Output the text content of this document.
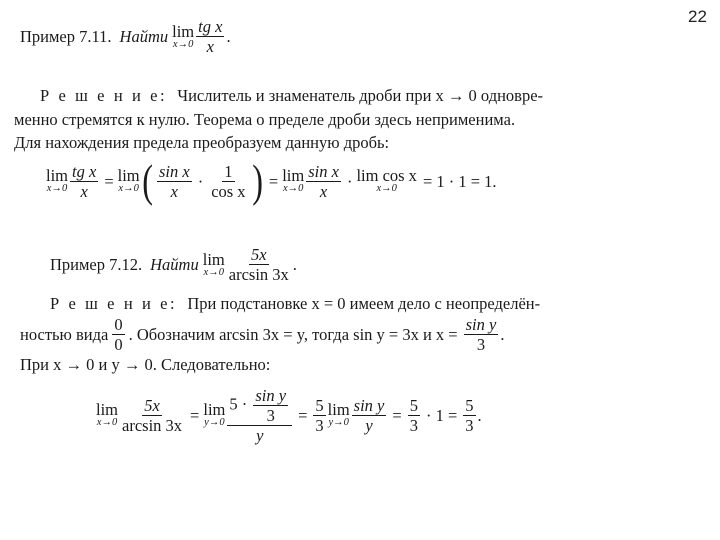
22
Пример 7.11. Найти lim
$x\to 0 \frac{\text{tg x}}{x}$ .
Р е ш е н и е: Числитель и знаменатель дроби при x → 0 одновре-
менно стремятся к нулю. Теорема о пределе дроби здесь неприменима.
Для нахождения предела преобразуем данную дробь:
lim
$x\to 0 \frac{\text{tg x}}{x} = \lim$
x→0 ( $\frac{\text{sin x}}{x} \cdot \frac{1}{\text{cos x}}$ ) = lim
$x\to 0 \frac{\text{sin x}}{x} \cdot \lim \cos x$
x→0 = 1 · 1 = 1.
Пример 7.12. Найти lim
$x\to 0 \frac{5x}{\arcsin 3x}$ .
Р е ш е н и е: При подстановке x = 0 имеем дело с неопределён-
ностью вида $\frac{0}{0}$ . Обозначим arcsin 3x = y, тогда sin y = 3x и $x = \frac{\text{sin y}}{3}$ .
При x → 0 и y → 0. Следовательно:
lim
$x\to 0 \frac{5x}{\arcsin 3x} = \lim$
$y\to 0 \frac{5 \cdot \frac{\text{sin y}}{3}}{y} = \frac{5}{3}$ lim
$y\to 0 \frac{\text{sin y}}{y} = \frac{5}{3} \cdot 1 = \frac{5}{3}$ .
